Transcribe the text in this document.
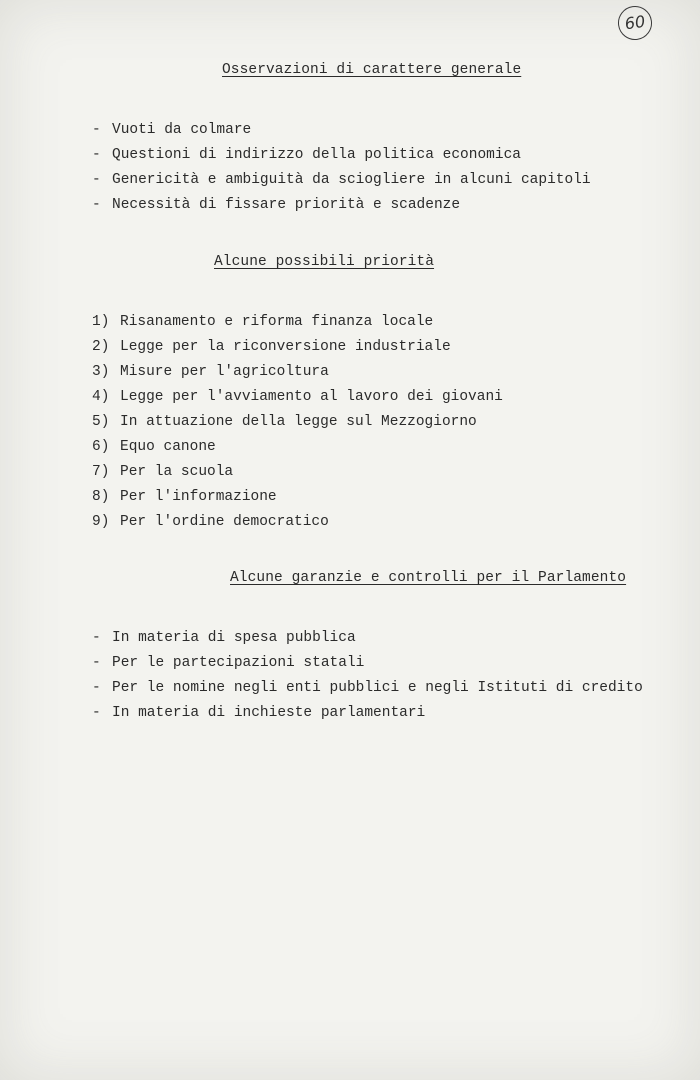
60
Osservazioni di carattere generale
- Vuoti da colmare
- Questioni di indirizzo della politica economica
- Genericità e ambiguità da sciogliere in alcuni capitoli
- Necessità di fissare priorità e scadenze
Alcune possibili priorità
1) Risanamento e riforma finanza locale
2) Legge per la riconversione industriale
3) Misure per l'agricoltura
4) Legge per l'avviamento al lavoro dei giovani
5) In attuazione della legge sul Mezzogiorno
6) Equo canone
7) Per la scuola
8) Per l'informazione
9) Per l'ordine democratico
Alcune garanzie e controlli per il Parlamento
- In materia di spesa pubblica
- Per le partecipazioni statali
- Per le nomine negli enti pubblici e negli Istituti di credito
- In materia di inchieste parlamentari
